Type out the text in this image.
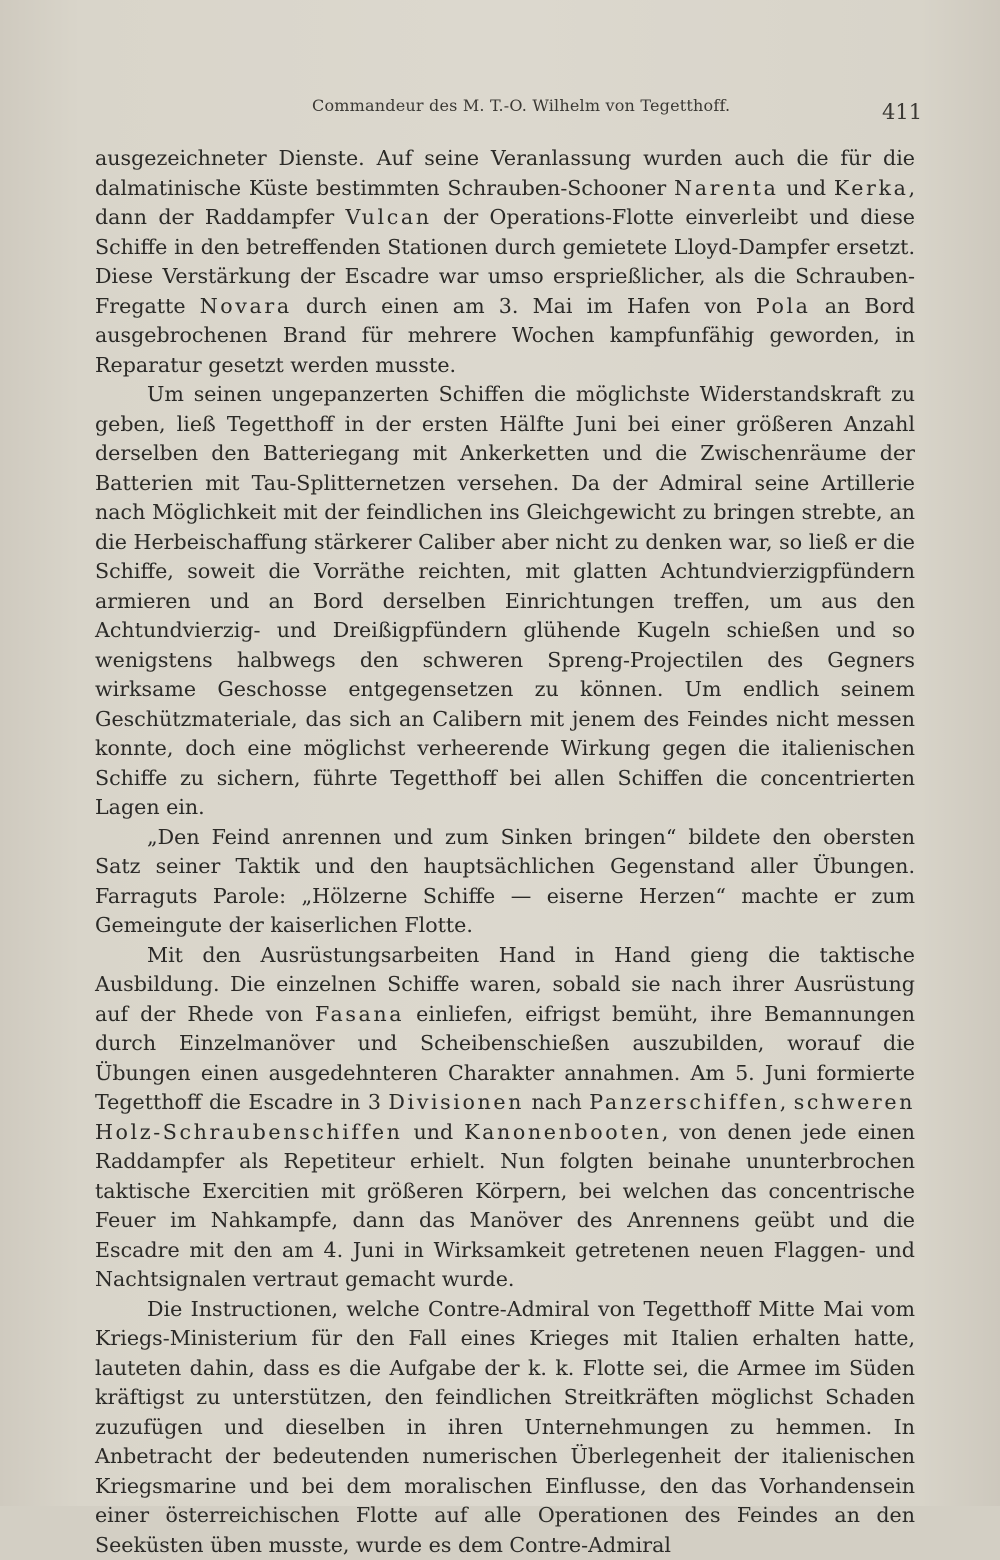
Commandeur des M. T.-O. Wilhelm von Tegetthoff.	411

ausgezeichneter Dienste. Auf seine Veranlassung wurden auch die für die dalmatinische Küste bestimmten Schrauben-Schooner Narenta und Kerka, dann der Raddampfer Vulcan der Operations-Flotte einverleibt und diese Schiffe in den betreffenden Stationen durch gemietete Lloyd-Dampfer ersetzt. Diese Verstärkung der Escadre war umso ersprießlicher, als die Schrauben-Fregatte Novara durch einen am 3. Mai im Hafen von Pola an Bord ausgebrochenen Brand für mehrere Wochen kampfunfähig geworden, in Reparatur gesetzt werden musste.

Um seinen ungepanzerten Schiffen die möglichste Widerstandskraft zu geben, ließ Tegetthoff in der ersten Hälfte Juni bei einer größeren Anzahl derselben den Batteriegang mit Ankerketten und die Zwischenräume der Batterien mit Tau-Splitternetzen versehen. Da der Admiral seine Artillerie nach Möglichkeit mit der feindlichen ins Gleichgewicht zu bringen strebte, an die Herbeischaffung stärkerer Caliber aber nicht zu denken war, so ließ er die Schiffe, soweit die Vorräthe reichten, mit glatten Achtundvierzigpfündern armieren und an Bord derselben Einrichtungen treffen, um aus den Achtundvierzig- und Dreißigpfündern glühende Kugeln schießen und so wenigstens halbwegs den schweren Spreng-Projectilen des Gegners wirksame Geschosse entgegensetzen zu können. Um endlich seinem Geschützmateriale, das sich an Calibern mit jenem des Feindes nicht messen konnte, doch eine möglichst verheerende Wirkung gegen die italienischen Schiffe zu sichern, führte Tegetthoff bei allen Schiffen die concentrierten Lagen ein.

„Den Feind anrennen und zum Sinken bringen“ bildete den obersten Satz seiner Taktik und den hauptsächlichen Gegenstand aller Übungen. Farraguts Parole: „Hölzerne Schiffe — eiserne Herzen“ machte er zum Gemeingute der kaiserlichen Flotte.

Mit den Ausrüstungsarbeiten Hand in Hand gieng die taktische Ausbildung. Die einzelnen Schiffe waren, sobald sie nach ihrer Ausrüstung auf der Rhede von Fasana einliefen, eifrigst bemüht, ihre Bemannungen durch Einzelmanöver und Scheibenschießen auszubilden, worauf die Übungen einen ausgedehnteren Charakter annahmen. Am 5. Juni formierte Tegetthoff die Escadre in 3 Divisionen nach Panzerschiffen, schweren Holz-Schraubenschiffen und Kanonenbooten, von denen jede einen Raddampfer als Repetiteur erhielt. Nun folgten beinahe ununterbrochen taktische Exercitien mit größeren Körpern, bei welchen das concentrische Feuer im Nahkampfe, dann das Manöver des Anrennens geübt und die Escadre mit den am 4. Juni in Wirksamkeit getretenen neuen Flaggen- und Nachtsignalen vertraut gemacht wurde.

Die Instructionen, welche Contre-Admiral von Tegetthoff Mitte Mai vom Kriegs-Ministerium für den Fall eines Krieges mit Italien erhalten hatte, lauteten dahin, dass es die Aufgabe der k. k. Flotte sei, die Armee im Süden kräftigst zu unterstützen, den feindlichen Streitkräften möglichst Schaden zuzufügen und dieselben in ihren Unternehmungen zu hemmen. In Anbetracht der bedeutenden numerischen Überlegenheit der italienischen Kriegsmarine und bei dem moralischen Einflusse, den das Vorhandensein einer österreichischen Flotte auf alle Operationen des Feindes an den Seeküsten üben musste, wurde es dem Contre-Admiral
